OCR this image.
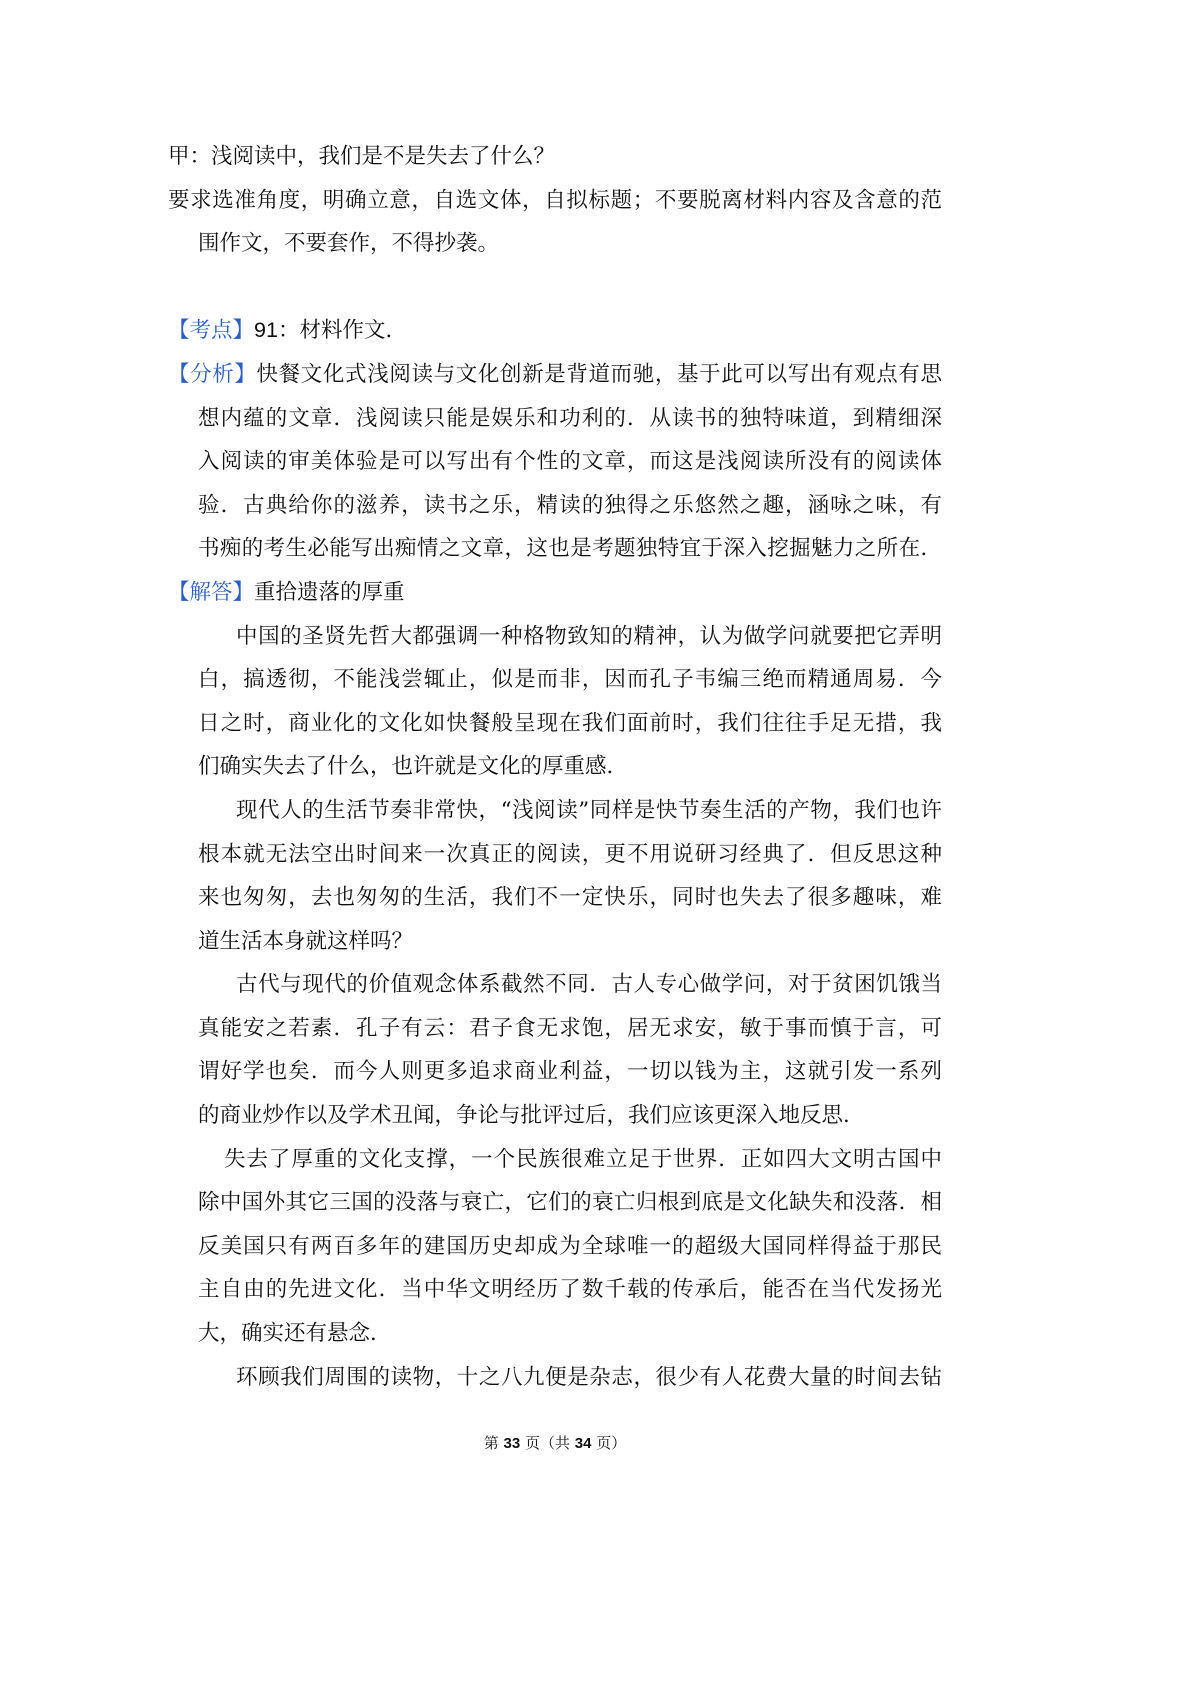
甲：浅阅读中，我们是不是失去了什么？
要求选准角度，明确立意，自选文体，自拟标题；不要脱离材料内容及含意的范
围作文，不要套作，不得抄袭。
【考点】91：材料作文．
【分析】快餐文化式浅阅读与文化创新是背道而驰，基于此可以写出有观点有思
想内蕴的文章．浅阅读只能是娱乐和功利的．从读书的独特味道，到精细深
入阅读的审美体验是可以写出有个性的文章，而这是浅阅读所没有的阅读体
验．古典给你的滋养，读书之乐，精读的独得之乐悠然之趣，涵咏之味，有
书痴的考生必能写出痴情之文章，这也是考题独特宜于深入挖掘魅力之所在．
【解答】重拾遗落的厚重
中国的圣贤先哲大都强调一种格物致知的精神，认为做学问就要把它弄明
白，搞透彻，不能浅尝辄止，似是而非，因而孔子韦编三绝而精通周易．今
日之时，商业化的文化如快餐般呈现在我们面前时，我们往往手足无措，我
们确实失去了什么，也许就是文化的厚重感．
现代人的生活节奏非常快，“浅阅读”同样是快节奏生活的产物，我们也许
根本就无法空出时间来一次真正的阅读，更不用说研习经典了．但反思这种
来也匆匆，去也匆匆的生活，我们不一定快乐，同时也失去了很多趣味，难
道生活本身就这样吗？
古代与现代的价值观念体系截然不同．古人专心做学问，对于贫困饥饿当
真能安之若素．孔子有云：君子食无求饱，居无求安，敏于事而慎于言，可
谓好学也矣．而今人则更多追求商业利益，一切以钱为主，这就引发一系列
的商业炒作以及学术丑闻，争论与批评过后，我们应该更深入地反思．
失去了厚重的文化支撑，一个民族很难立足于世界．正如四大文明古国中
除中国外其它三国的没落与衰亡，它们的衰亡归根到底是文化缺失和没落．相
反美国只有两百多年的建国历史却成为全球唯一的超级大国同样得益于那民
主自由的先进文化．当中华文明经历了数千载的传承后，能否在当代发扬光
大，确实还有悬念．
环顾我们周围的读物，十之八九便是杂志，很少有人花费大量的时间去钻
第 33 页（共 34 页）
